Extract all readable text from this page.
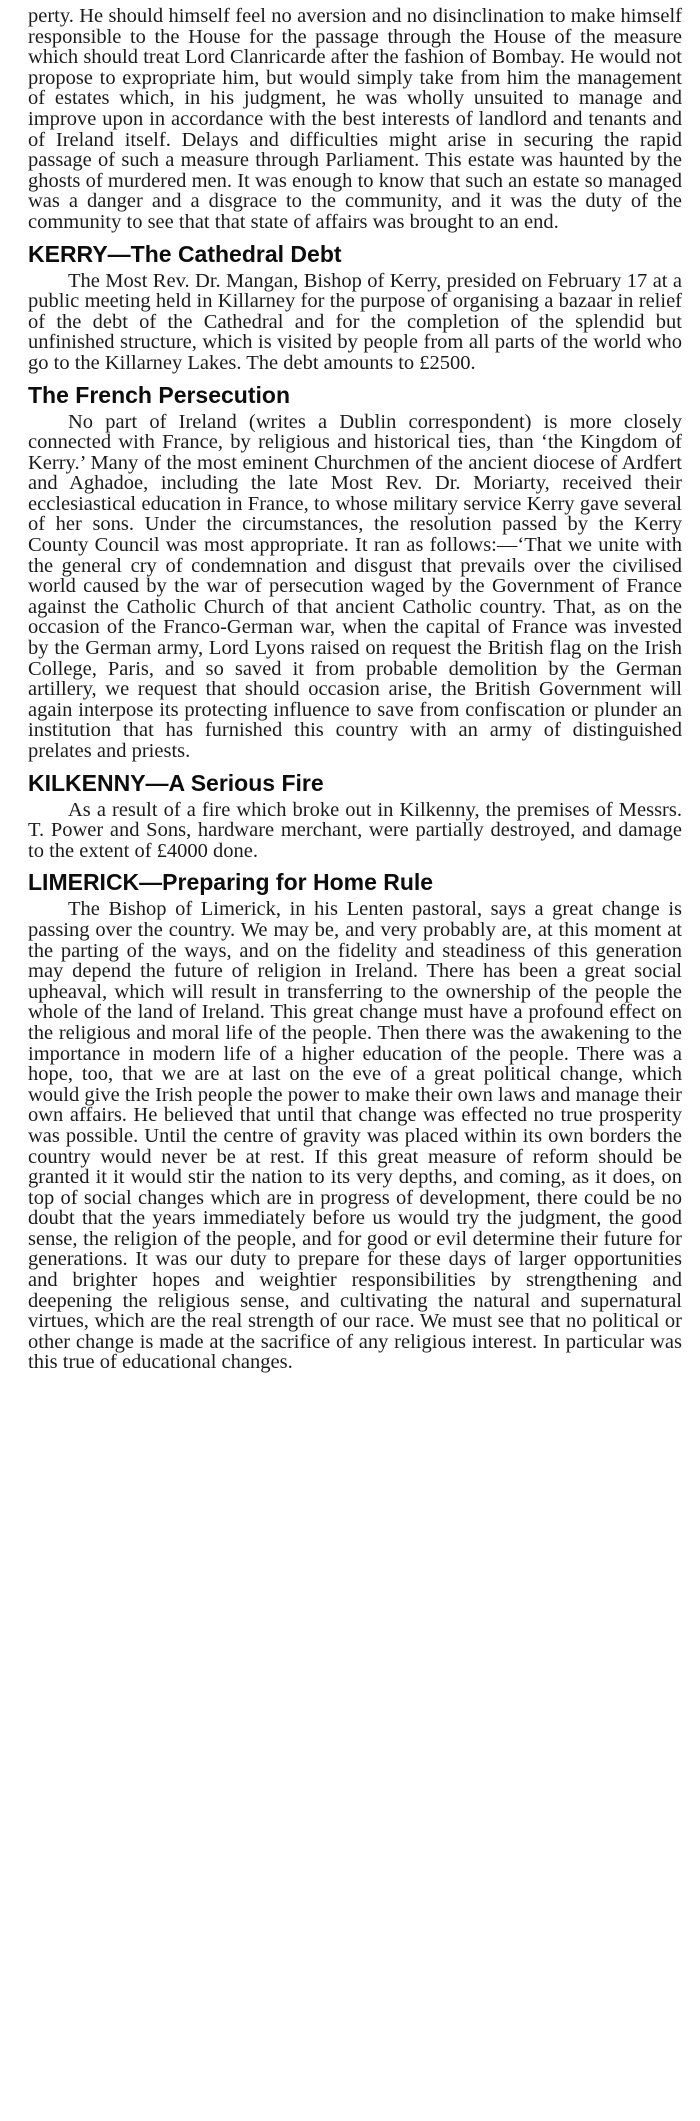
perty. He should himself feel no aversion and no disinclination to make himself responsible to the House for the passage through the House of the measure which should treat Lord Clanricarde after the fashion of Bombay. He would not propose to expropriate him, but would simply take from him the management of estates which, in his judgment, he was wholly unsuited to manage and improve upon in accordance with the best interests of landlord and tenants and of Ireland itself. Delays and difficulties might arise in securing the rapid passage of such a measure through Parliament. This estate was haunted by the ghosts of murdered men. It was enough to know that such an estate so managed was a danger and a disgrace to the community, and it was the duty of the community to see that that state of affairs was brought to an end.

KERRY—The Cathedral Debt

The Most Rev. Dr. Mangan, Bishop of Kerry, presided on February 17 at a public meeting held in Killarney for the purpose of organising a bazaar in relief of the debt of the Cathedral and for the completion of the splendid but unfinished structure, which is visited by people from all parts of the world who go to the Killarney Lakes. The debt amounts to £2500.

The French Persecution

No part of Ireland (writes a Dublin correspondent) is more closely connected with France, by religious and historical ties, than ‘the Kingdom of Kerry.’ Many of the most eminent Churchmen of the ancient diocese of Ardfert and Aghadoe, including the late Most Rev. Dr. Moriarty, received their ecclesiastical education in France, to whose military service Kerry gave several of her sons. Under the circumstances, the resolution passed by the Kerry County Council was most appropriate. It ran as follows:—‘That we unite with the general cry of condemnation and disgust that prevails over the civilised world caused by the war of persecution waged by the Government of France against the Catholic Church of that ancient Catholic country. That, as on the occasion of the Franco-German war, when the capital of France was invested by the German army, Lord Lyons raised on request the British flag on the Irish College, Paris, and so saved it from probable demolition by the German artillery, we request that should occasion arise, the British Government will again interpose its protecting influence to save from confiscation or plunder an institution that has furnished this country with an army of distinguished prelates and priests.

KILKENNY—A Serious Fire

As a result of a fire which broke out in Kilkenny, the premises of Messrs. T. Power and Sons, hardware merchant, were partially destroyed, and damage to the extent of £4000 done.

LIMERICK—Preparing for Home Rule

The Bishop of Limerick, in his Lenten pastoral, says a great change is passing over the country. We may be, and very probably are, at this moment at the parting of the ways, and on the fidelity and steadiness of this generation may depend the future of religion in Ireland. There has been a great social upheaval, which will result in transferring to the ownership of the people the whole of the land of Ireland. This great change must have a profound effect on the religious and moral life of the people. Then there was the awakening to the importance in modern life of a higher education of the people. There was a hope, too, that we are at last on the eve of a great political change, which would give the Irish people the power to make their own laws and manage their own affairs. He believed that until that change was effected no true prosperity was possible. Until the centre of gravity was placed within its own borders the country would never be at rest. If this great measure of reform should be granted it it would stir the nation to its very depths, and coming, as it does, on top of social changes which are in progress of development, there could be no doubt that the years immediately before us would try the judgment, the good sense, the religion of the people, and for good or evil determine their future for generations. It was our duty to prepare for these days of larger opportunities and brighter hopes and weightier responsibilities by strengthening and deepening the religious sense, and cultivating the natural and supernatural virtues, which are the real strength of our race. We must see that no political or other change is made at the sacrifice of any religious interest. In particular was this true of educational changes.
